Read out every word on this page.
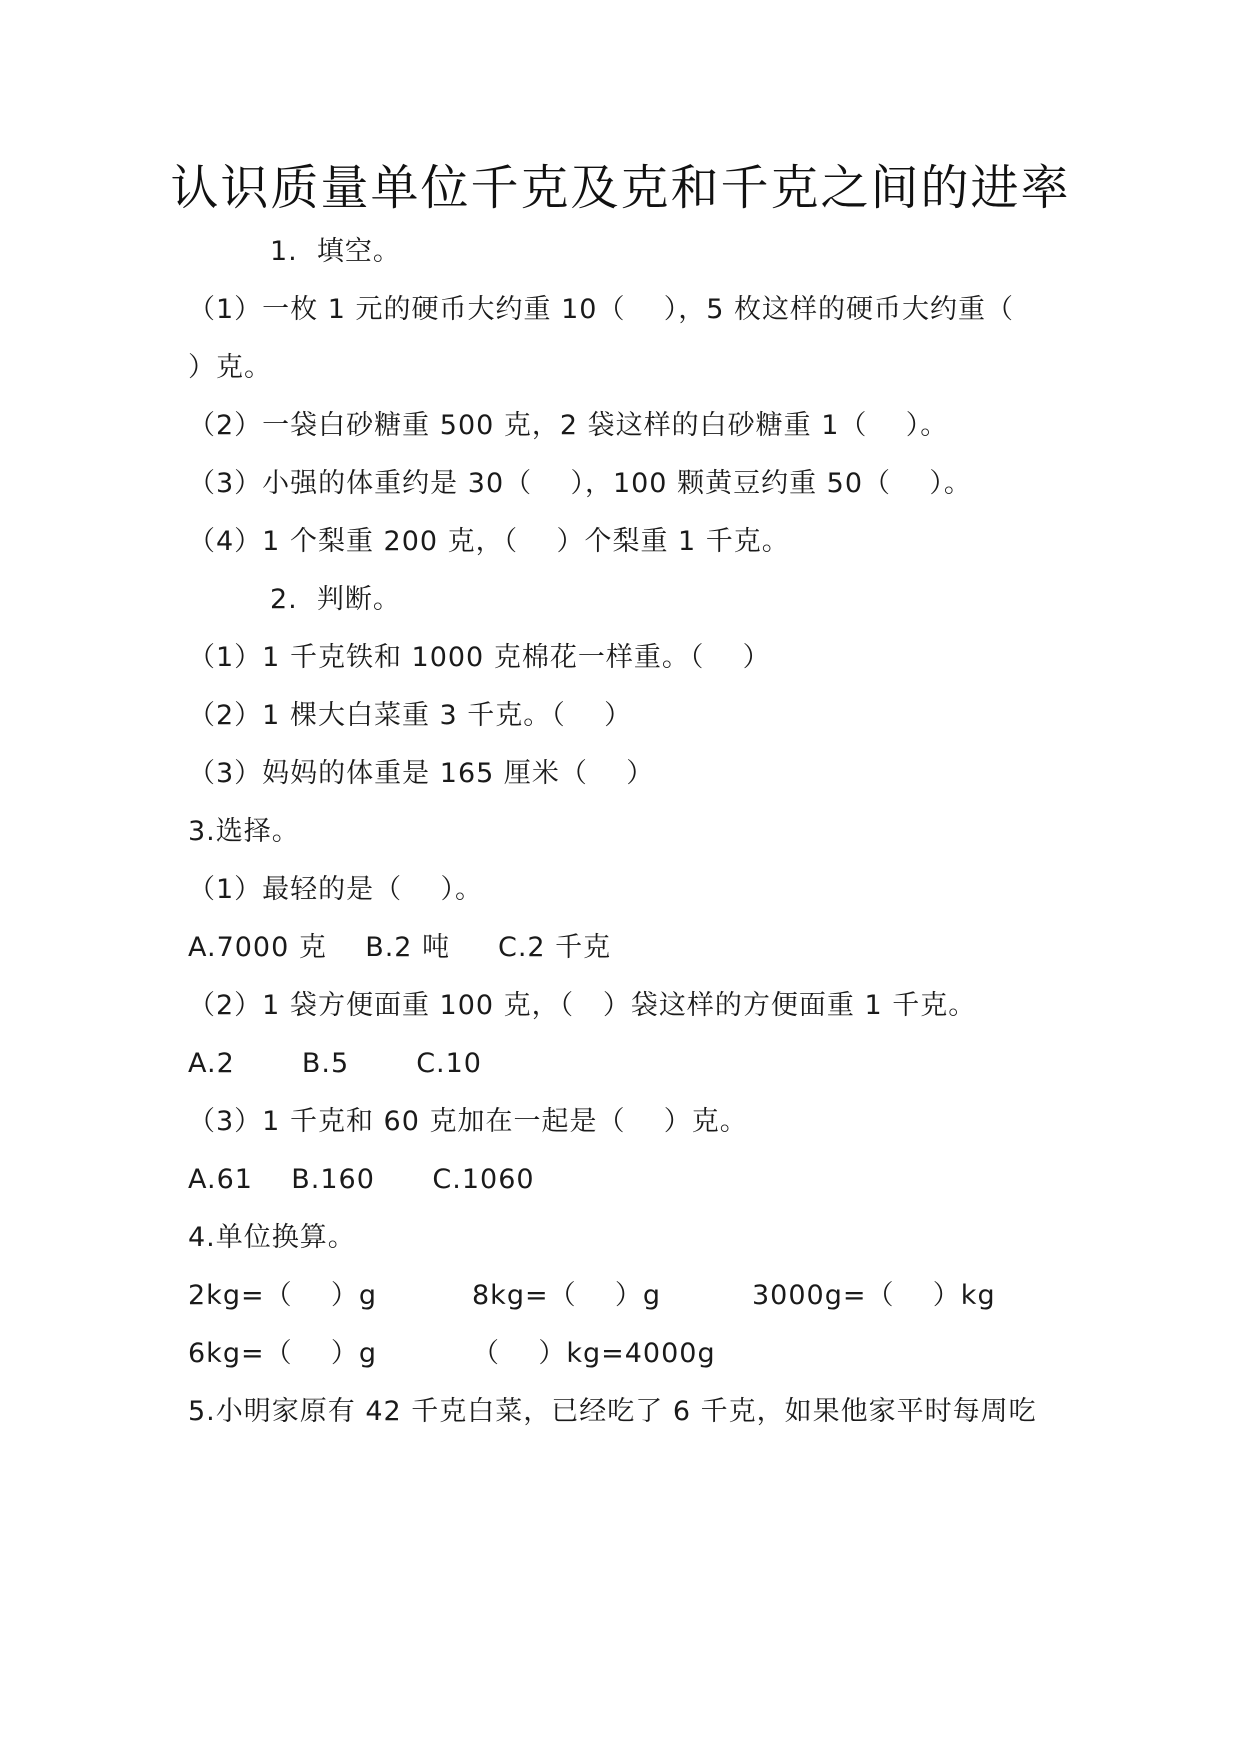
认识质量单位千克及克和千克之间的进率
1.  填空。
（1）一枚 1 元的硬币大约重 10（    ），5 枚这样的硬币大约重（
）克。
（2）一袋白砂糖重 500 克，2 袋这样的白砂糖重 1（    ）。
（3）小强的体重约是 30（    ），100 颗黄豆约重 50（    ）。
（4）1 个梨重 200 克，（    ）个梨重 1 千克。
2.  判断。
（1）1 千克铁和 1000 克棉花一样重。（    ）
（2）1 棵大白菜重 3 千克。（    ）
（3）妈妈的体重是 165 厘米（    ）
3.选择。
（1）最轻的是（    ）。
A.7000 克    B.2 吨     C.2 千克
（2）1 袋方便面重 100 克，（   ）袋这样的方便面重 1 千克。
A.2       B.5       C.10
（3）1 千克和 60 克加在一起是（    ）克。
A.61    B.160      C.1060
4.单位换算。
2kg=（    ）g	8kg=（    ）g	3000g=（    ）kg
6kg=（    ）g	（    ）kg=4000g
5.小明家原有 42 千克白菜，已经吃了 6 千克，如果他家平时每周吃
